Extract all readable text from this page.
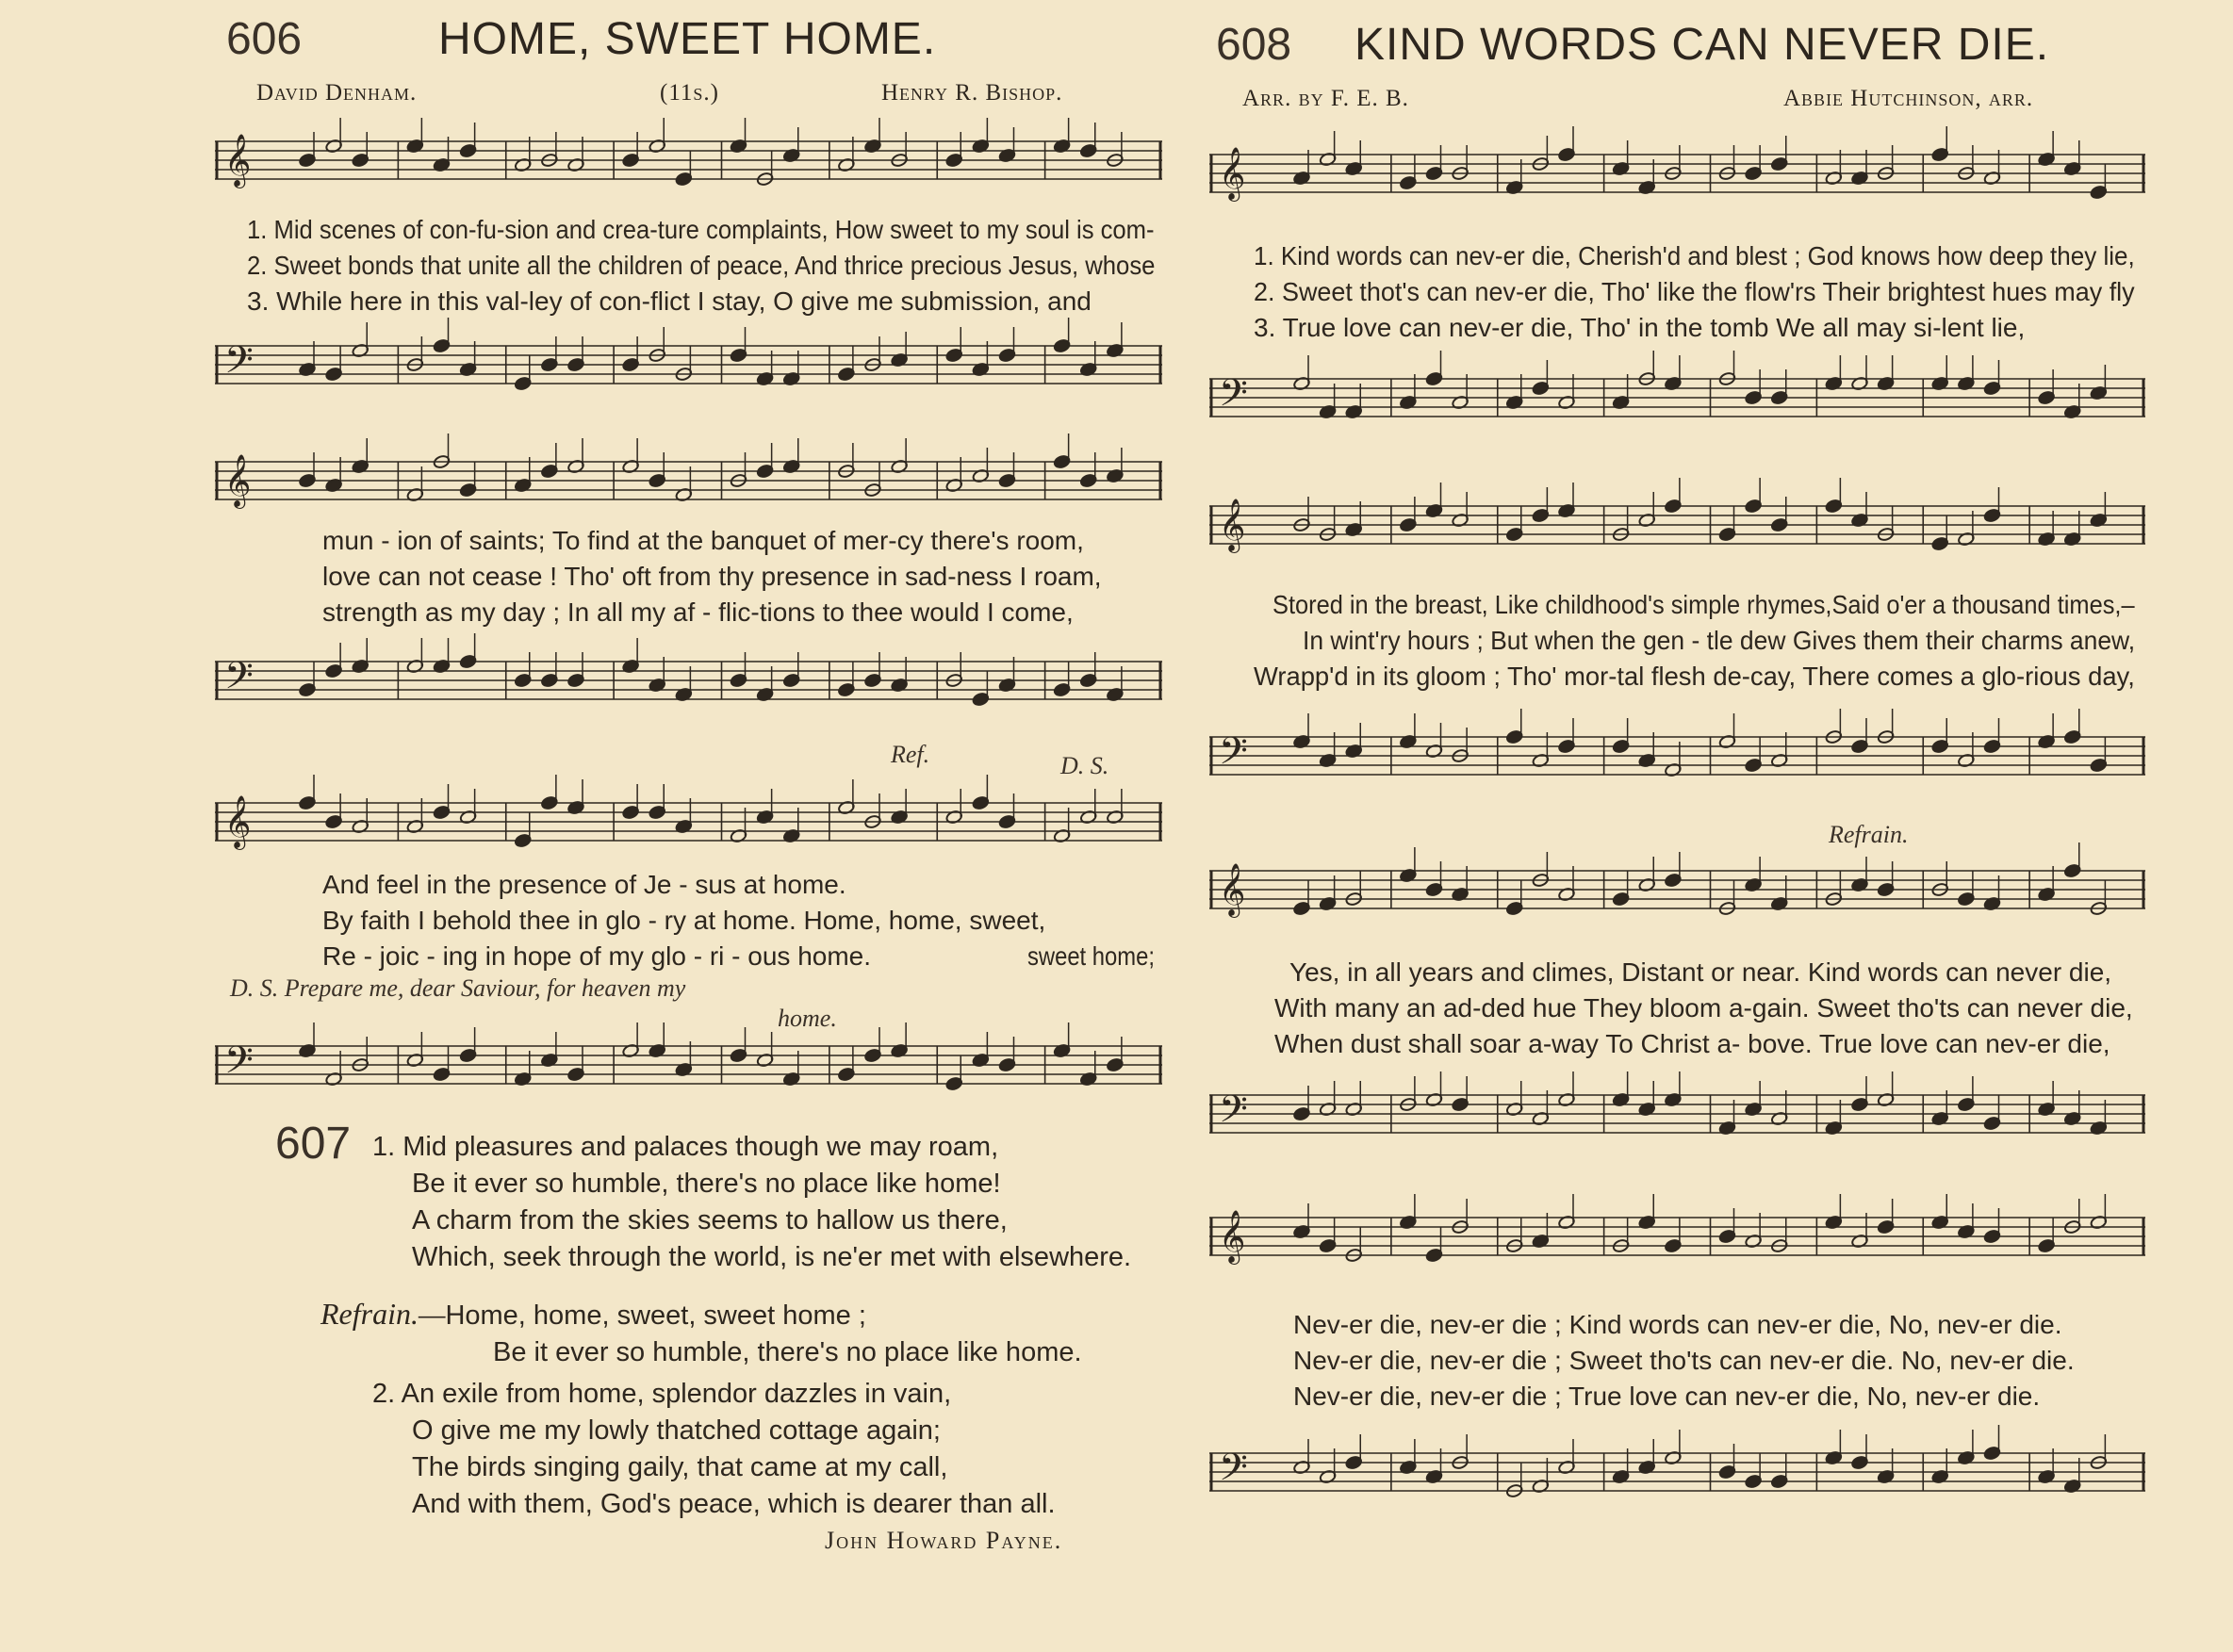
606	HOME, SWEET HOME.
David Denham.	(11s.)	Henry R. Bishop.
𝄞
1. Mid scenes of con-fu-sion and crea-ture complaints, How sweet to my soul is com-
2. Sweet bonds that unite all the children of peace, And thrice precious Jesus, whose
3. While here in this val-ley of con-flict I stay, O give me submission, and
𝄢
𝄞
mun - ion of saints; To find at the banquet of mer-cy there's room,
love can not cease ! Tho' oft from thy presence in sad-ness I roam,
strength as my day ; In all my af - flic-tions to thee would I come,
𝄢
Ref.	D. S.
𝄞
And feel in the presence of Je - sus at home.
By faith I behold thee in glo - ry at home. Home, home, sweet,
Re - joic - ing in hope of my glo - ri - ous home.	sweet home;
D. S. Prepare me, dear Saviour, for heaven my
home.
𝄢
607 1. Mid pleasures and palaces though we may roam,
Be it ever so humble, there's no place like home!
A charm from the skies seems to hallow us there,
Which, seek through the world, is ne'er met with elsewhere.
Refrain.—Home, home, sweet, sweet home ;
Be it ever so humble, there's no place like home.
2. An exile from home, splendor dazzles in vain,
O give me my lowly thatched cottage again;
The birds singing gaily, that came at my call,
And with them, God's peace, which is dearer than all.
John Howard Payne.
608 KIND WORDS CAN NEVER DIE.
Arr. by F. E. B.	Abbie Hutchinson, arr.
𝄞
1. Kind words can nev-er die, Cherish'd and blest ; God knows how deep they lie,
2. Sweet thot's can nev-er die, Tho' like the flow'rs Their brightest hues may fly
3. True love can nev-er die, Tho' in the tomb We all may si-lent lie,
𝄢
𝄞
Stored in the breast, Like childhood's simple rhymes,Said o'er a thousand times,–
In wint'ry hours ; But when the gen - tle dew Gives them their charms anew,
Wrapp'd in its gloom ; Tho' mor-tal flesh de-cay, There comes a glo-rious day,
𝄢
Refrain.
𝄞
Yes, in all years and climes, Distant or near. Kind words can never die,
With many an ad-ded hue They bloom a-gain. Sweet tho'ts can never die,
When dust shall soar a-way To Christ a- bove. True love can nev-er die,
𝄢
𝄞
Nev-er die, nev-er die ; Kind words can nev-er die, No, nev-er die.
Nev-er die, nev-er die ; Sweet tho'ts can nev-er die. No, nev-er die.
Nev-er die, nev-er die ; True love can nev-er die, No, nev-er die.
𝄢
